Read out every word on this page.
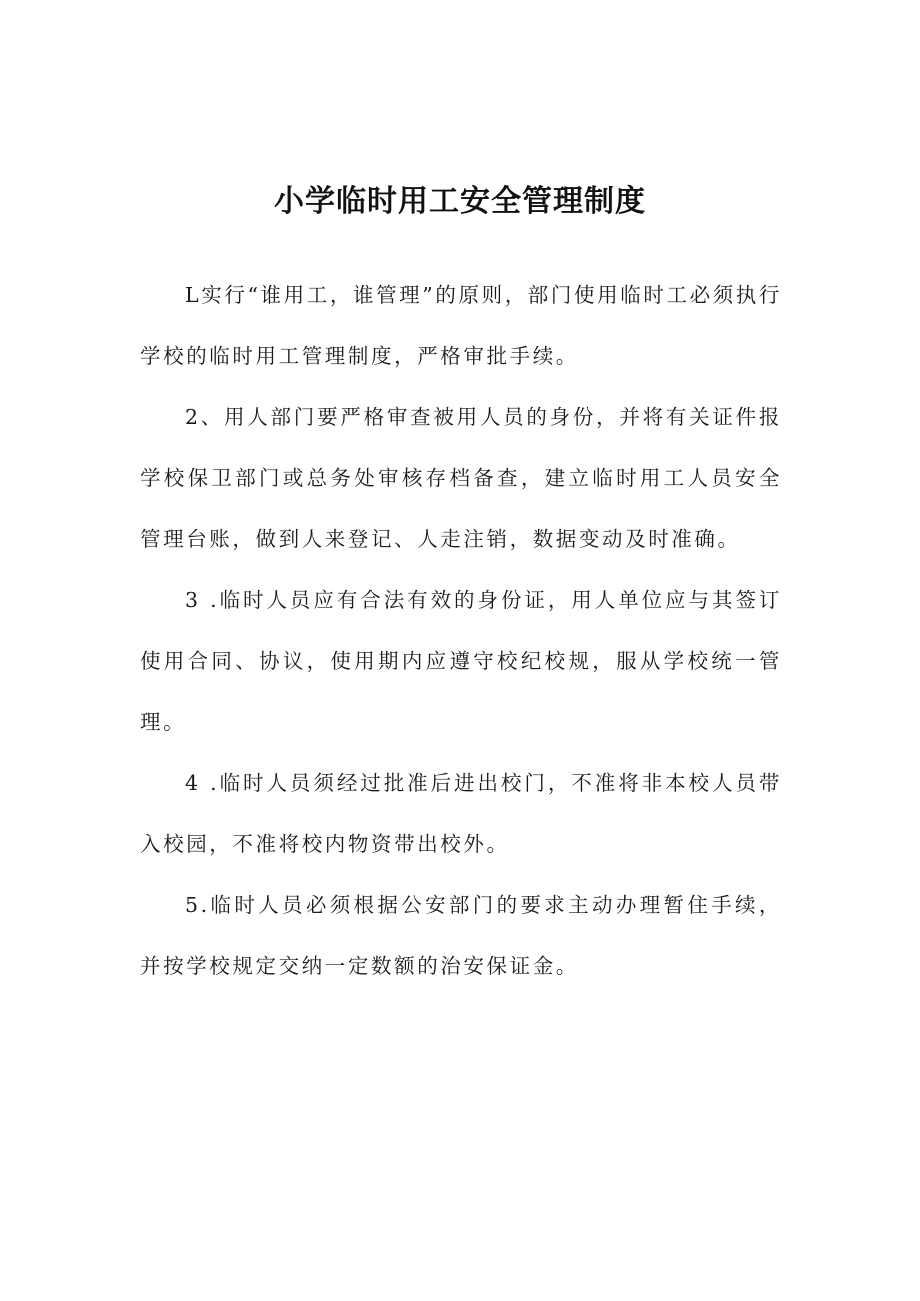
小学临时用工安全管理制度

L实行“谁用工，谁管理”的原则，部门使用临时工必须执行学校的临时用工管理制度，严格审批手续。

2、用人部门要严格审查被用人员的身份，并将有关证件报学校保卫部门或总务处审核存档备查，建立临时用工人员安全管理台账，做到人来登记、人走注销，数据变动及时准确。

3 .临时人员应有合法有效的身份证，用人单位应与其签订使用合同、协议，使用期内应遵守校纪校规，服从学校统一管理。

4 .临时人员须经过批准后进出校门，不准将非本校人员带入校园，不准将校内物资带出校外。

5.临时人员必须根据公安部门的要求主动办理暂住手续，并按学校规定交纳一定数额的治安保证金。
